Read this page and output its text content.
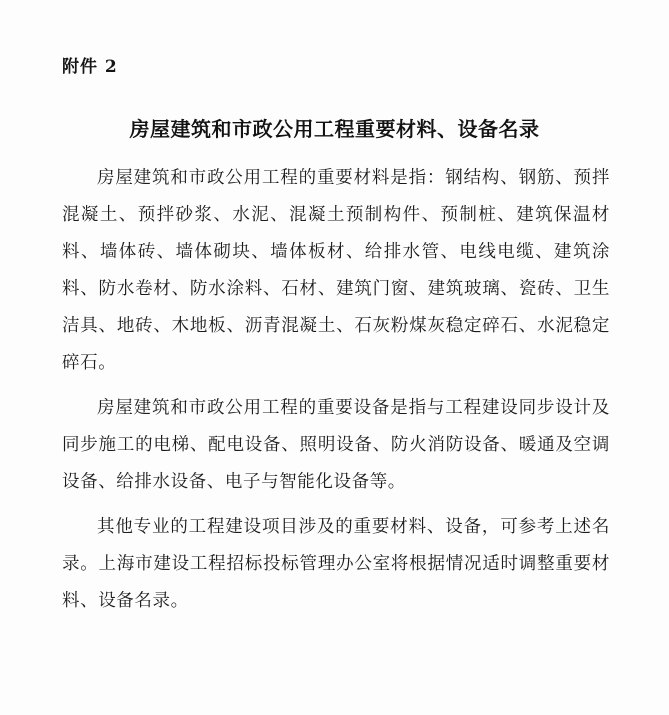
附件 2
房屋建筑和市政公用工程重要材料、设备名录

房屋建筑和市政公用工程的重要材料是指：钢结构、钢筋、预拌混凝土、预拌砂浆、水泥、混凝土预制构件、预制桩、建筑保温材料、墙体砖、墙体砌块、墙体板材、给排水管、电线电缆、建筑涂料、防水卷材、防水涂料、石材、建筑门窗、建筑玻璃、瓷砖、卫生洁具、地砖、木地板、沥青混凝土、石灰粉煤灰稳定碎石、水泥稳定碎石。

房屋建筑和市政公用工程的重要设备是指与工程建设同步设计及同步施工的电梯、配电设备、照明设备、防火消防设备、暖通及空调设备、给排水设备、电子与智能化设备等。

其他专业的工程建设项目涉及的重要材料、设备，可参考上述名录。上海市建设工程招标投标管理办公室将根据情况适时调整重要材料、设备名录。
